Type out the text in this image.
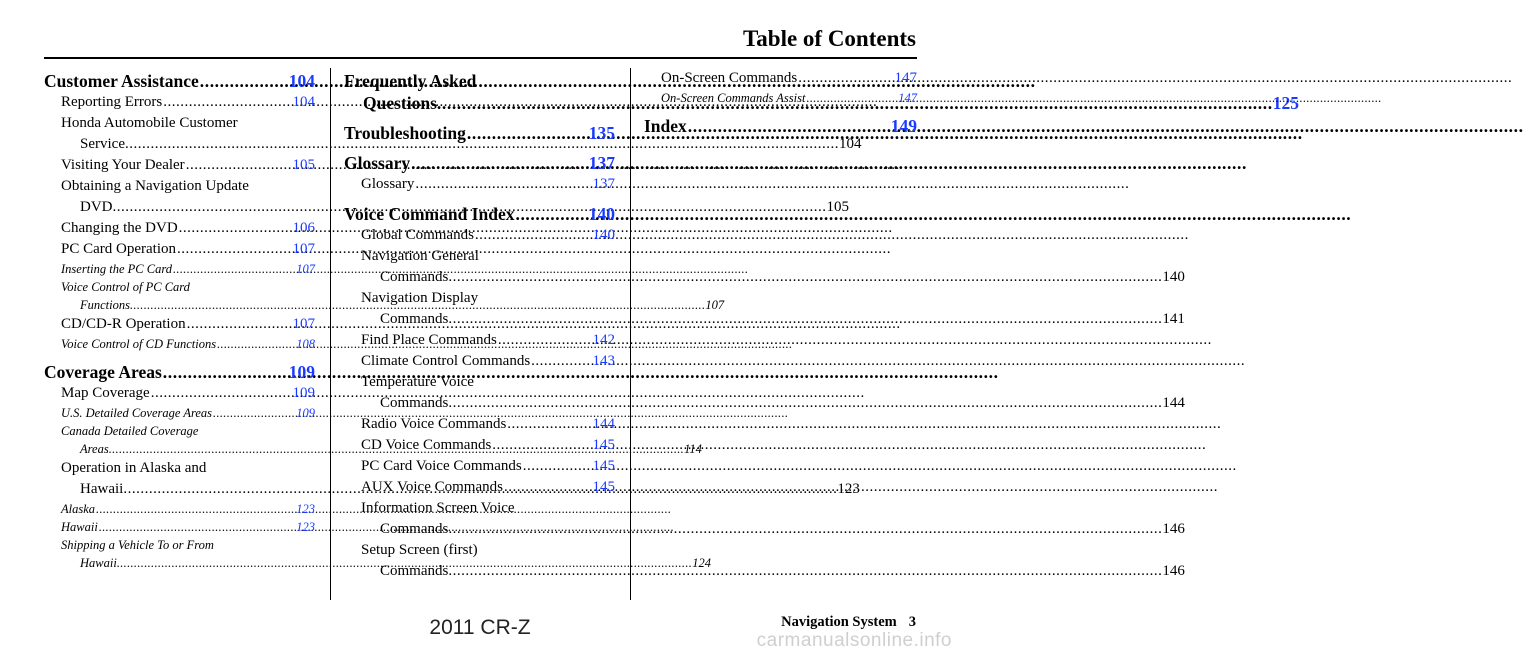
Table of Contents
Customer Assistance .....	104
Reporting Errors .....	104
Honda Automobile Customer
Service .....	104
Visiting Your Dealer .....	105
Obtaining a Navigation Update
DVD .....	105
Changing the DVD .....	106
PC Card Operation .....	107
Inserting the PC Card .....	107
Voice Control of PC Card
Functions .....	107
CD/CD-R Operation .....	107
Voice Control of CD Functions .....	108
Coverage Areas .....	109
Map Coverage .....	109
U.S. Detailed Coverage Areas .....	109
Canada Detailed Coverage
Areas .....	114
Operation in Alaska and
Hawaii .....	123
Alaska .....	123
Hawaii .....	123
Shipping a Vehicle To or From
Hawaii .....	124
Frequently Asked
Questions .....	125
Troubleshooting .....	135
Glossary .....	137
Glossary .....	137
Voice Command Index .....	140
Global Commands .....	140
Navigation General
Commands .....	140
Navigation Display
Commands .....	141
Find Place Commands .....	142
Climate Control Commands .....	143
Temperature Voice
Commands .....	144
Radio Voice Commands .....	144
CD Voice Commands .....	145
PC Card Voice Commands .....	145
AUX Voice Commands .....	145
Information Screen Voice
Commands .....	146
Setup Screen (first)
Commands .....	146
On-Screen Commands .....	147
On-Screen Commands Assist .....	147
Index .....	149
Navigation System 3
2011 CR-Z
carmanualsonline.info
